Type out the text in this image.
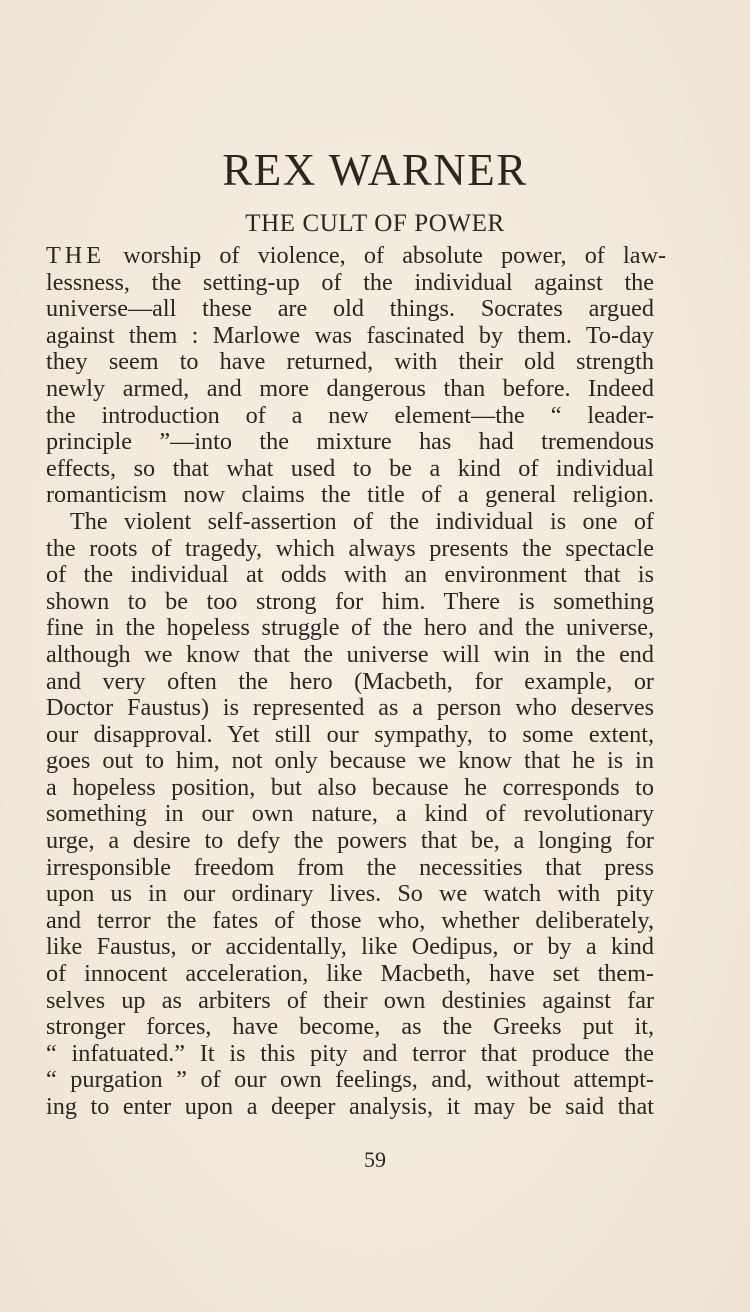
REX WARNER
THE CULT OF POWER

THE worship of violence, of absolute power, of law-
lessness, the setting-up of the individual against the
universe—all these are old things. Socrates argued
against them : Marlowe was fascinated by them. To-day
they seem to have returned, with their old strength
newly armed, and more dangerous than before. Indeed
the introduction of a new element—the “ leader-
principle ”—into the mixture has had tremendous
effects, so that what used to be a kind of individual
romanticism now claims the title of a general religion.

The violent self-assertion of the individual is one of
the roots of tragedy, which always presents the spectacle
of the individual at odds with an environment that is
shown to be too strong for him. There is something
fine in the hopeless struggle of the hero and the universe,
although we know that the universe will win in the end
and very often the hero (Macbeth, for example, or
Doctor Faustus) is represented as a person who deserves
our disapproval. Yet still our sympathy, to some extent,
goes out to him, not only because we know that he is in
a hopeless position, but also because he corresponds to
something in our own nature, a kind of revolutionary
urge, a desire to defy the powers that be, a longing for
irresponsible freedom from the necessities that press
upon us in our ordinary lives. So we watch with pity
and terror the fates of those who, whether deliberately,
like Faustus, or accidentally, like Oedipus, or by a kind
of innocent acceleration, like Macbeth, have set them-
selves up as arbiters of their own destinies against far
stronger forces, have become, as the Greeks put it,
“ infatuated.” It is this pity and terror that produce the
“ purgation ” of our own feelings, and, without attempt-
ing to enter upon a deeper analysis, it may be said that

59
